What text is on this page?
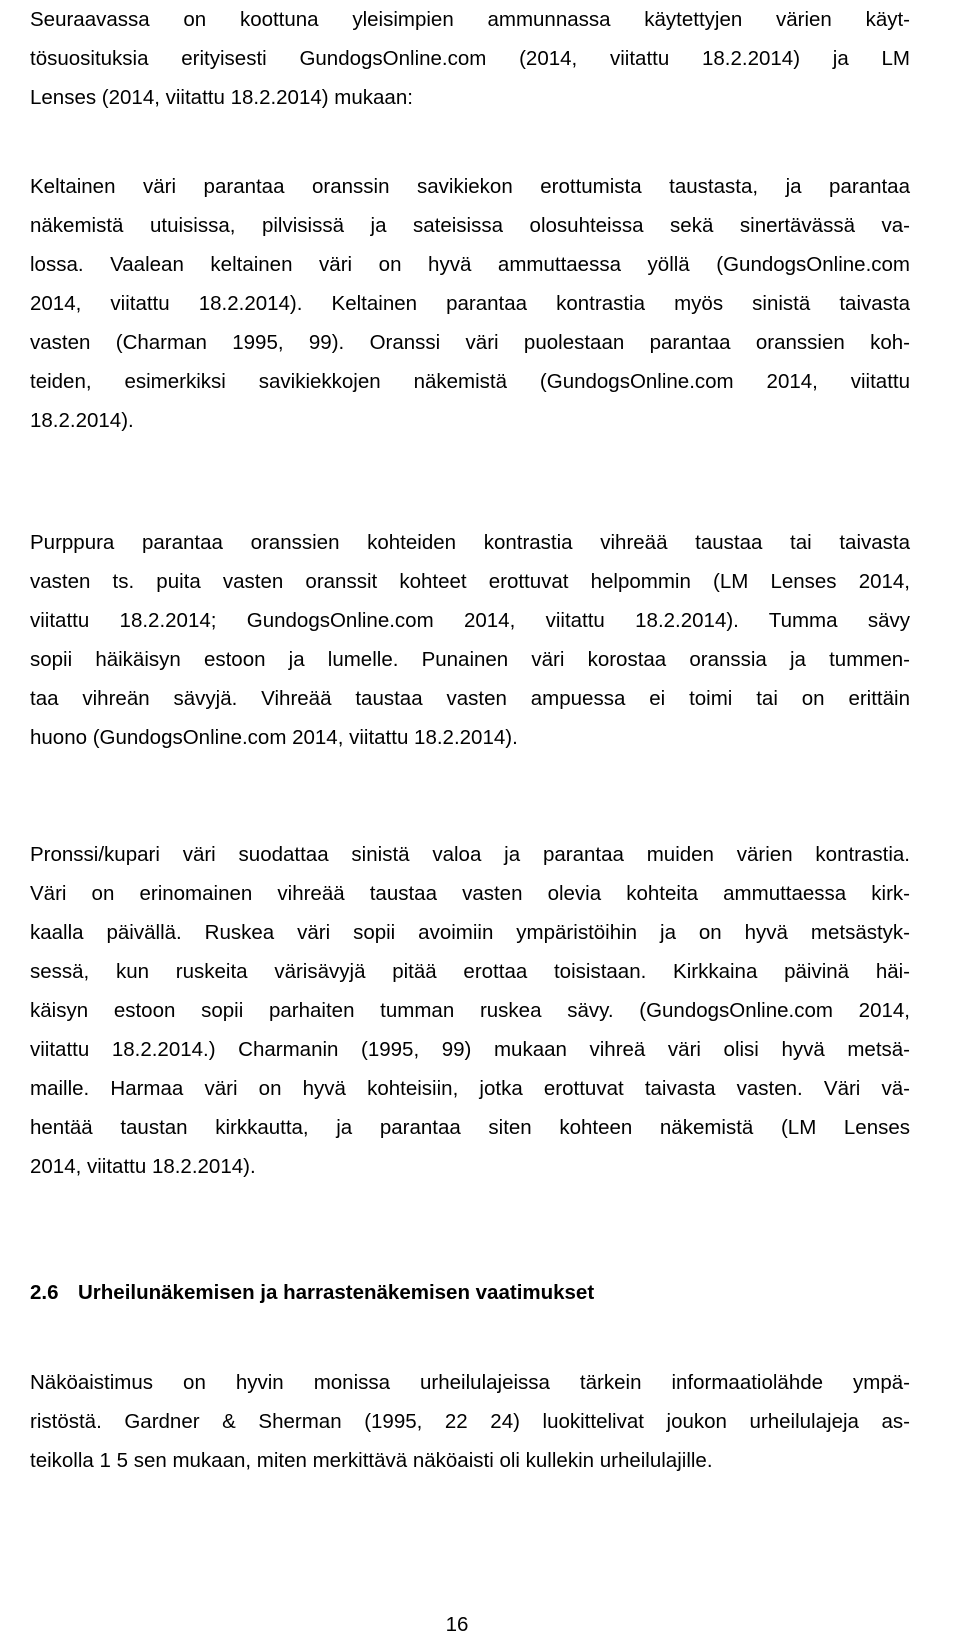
Seuraavassa on koottuna yleisimpien ammunnassa käytettyjen värien käyt-
tösuosituksia erityisesti GundogsOnline.com (2014, viitattu 18.2.2014) ja LM
Lenses (2014, viitattu 18.2.2014) mukaan:
Keltainen väri parantaa oranssin savikiekon erottumista taustasta, ja parantaa
näkemistä utuisissa, pilvisissä ja sateisissa olosuhteissa sekä sinertävässä va-
lossa. Vaalean keltainen väri on hyvä ammuttaessa yöllä (GundogsOnline.com
2014, viitattu 18.2.2014). Keltainen parantaa kontrastia myös sinistä taivasta
vasten (Charman 1995, 99). Oranssi väri puolestaan parantaa oranssien koh-
teiden, esimerkiksi savikiekkojen näkemistä (GundogsOnline.com 2014, viitattu
18.2.2014).
Purppura parantaa oranssien kohteiden kontrastia vihreää taustaa tai taivasta
vasten ts. puita vasten oranssit kohteet erottuvat helpommin (LM Lenses 2014,
viitattu 18.2.2014; GundogsOnline.com 2014, viitattu 18.2.2014). Tumma sävy
sopii häikäisyn estoon ja lumelle. Punainen väri korostaa oranssia ja tummen-
taa vihreän sävyjä. Vihreää taustaa vasten ampuessa ei toimi tai on erittäin
huono (GundogsOnline.com 2014, viitattu 18.2.2014).
Pronssi/kupari väri suodattaa sinistä valoa ja parantaa muiden värien kontrastia.
Väri on erinomainen vihreää taustaa vasten olevia kohteita ammuttaessa kirk-
kaalla päivällä. Ruskea väri sopii avoimiin ympäristöihin ja on hyvä metsästyk-
sessä, kun ruskeita värisävyjä pitää erottaa toisistaan. Kirkkaina päivinä häi-
käisyn estoon sopii parhaiten tumman ruskea sävy. (GundogsOnline.com 2014,
viitattu 18.2.2014.) Charmanin (1995, 99) mukaan vihreä väri olisi hyvä metsä-
maille. Harmaa väri on hyvä kohteisiin, jotka erottuvat taivasta vasten. Väri vä-
hentää taustan kirkkautta, ja parantaa siten kohteen näkemistä (LM Lenses
2014, viitattu 18.2.2014).
2.6 Urheilunäkemisen ja harrastenäkemisen vaatimukset
Näköaistimus on hyvin monissa urheilulajeissa tärkein informaatiolähde ympä-
ristöstä. Gardner & Sherman (1995, 22 24) luokittelivat joukon urheilulajeja as-
teikolla 1 5 sen mukaan, miten merkittävä näköaisti oli kullekin urheilulajille.
16
